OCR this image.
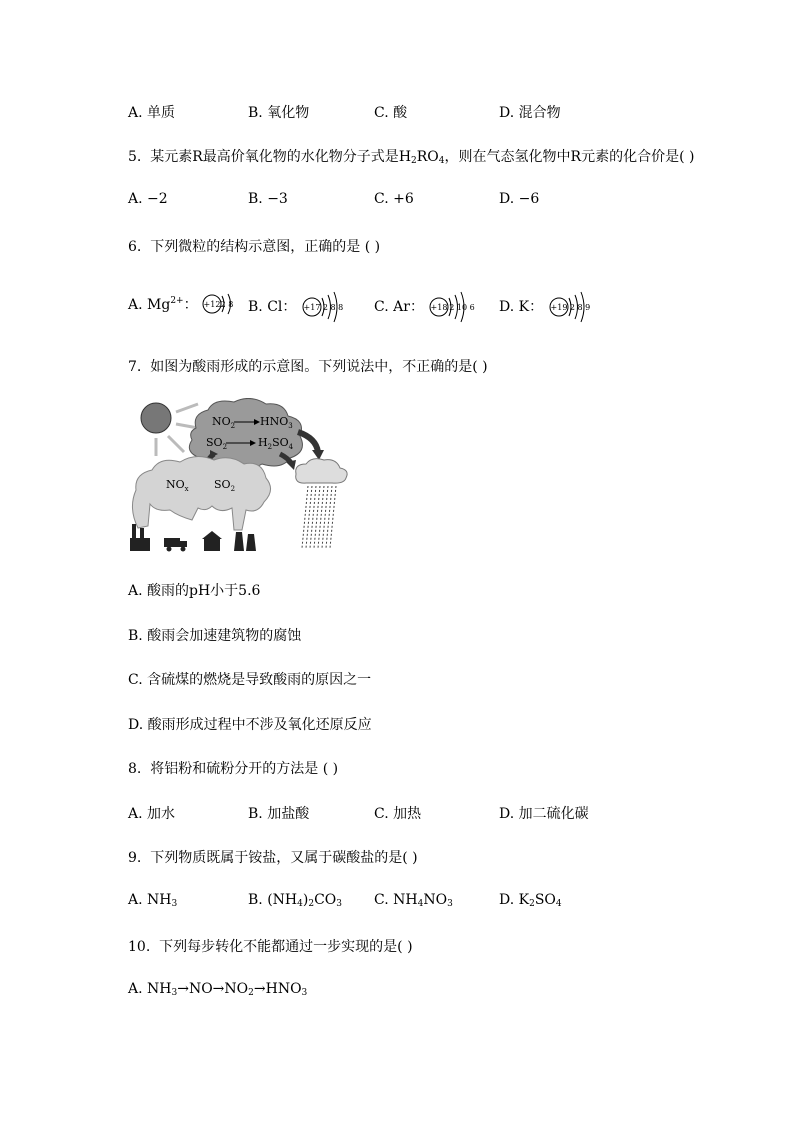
A. 单质	B. 氧化物	C. 酸	D. 混合物
5. 某元素R最高价氧化物的水化物分子式是$H_2RO_4$，则在气态氢化物中R元素的化合价是( )
A. −2	B. −3	C. +6	D. −6
6. 下列微粒的结构示意图，正确的是 ( )
A. $Mg^{2+}$： +12 2 8 B. Cl： +17 2 8 8 C. Ar： +18 2 10 6 D. K： +19 2 8 9
7. 如图为酸雨形成的示意图。下列说法中，不正确的是( )
$NO_2$ $HNO_3$
$SO_2$	$H_2SO_4$
$NO_x$ $SO_2$
A. 酸雨的pH小于5.6
B. 酸雨会加速建筑物的腐蚀
C. 含硫煤的燃烧是导致酸雨的原因之一
D. 酸雨形成过程中不涉及氧化还原反应
8. 将铝粉和硫粉分开的方法是 ( )
A. 加水	B. 加盐酸	C. 加热	D. 加二硫化碳
9. 下列物质既属于铵盐，又属于碳酸盐的是( )
A. $NH_3$	B. $(NH_4)_2CO_3$ C. $NH_4NO_3$	D. $K_2SO_4$
10. 下列每步转化不能都通过一步实现的是( )
A. $NH_3\to NO\to NO_2\to HNO_3$
